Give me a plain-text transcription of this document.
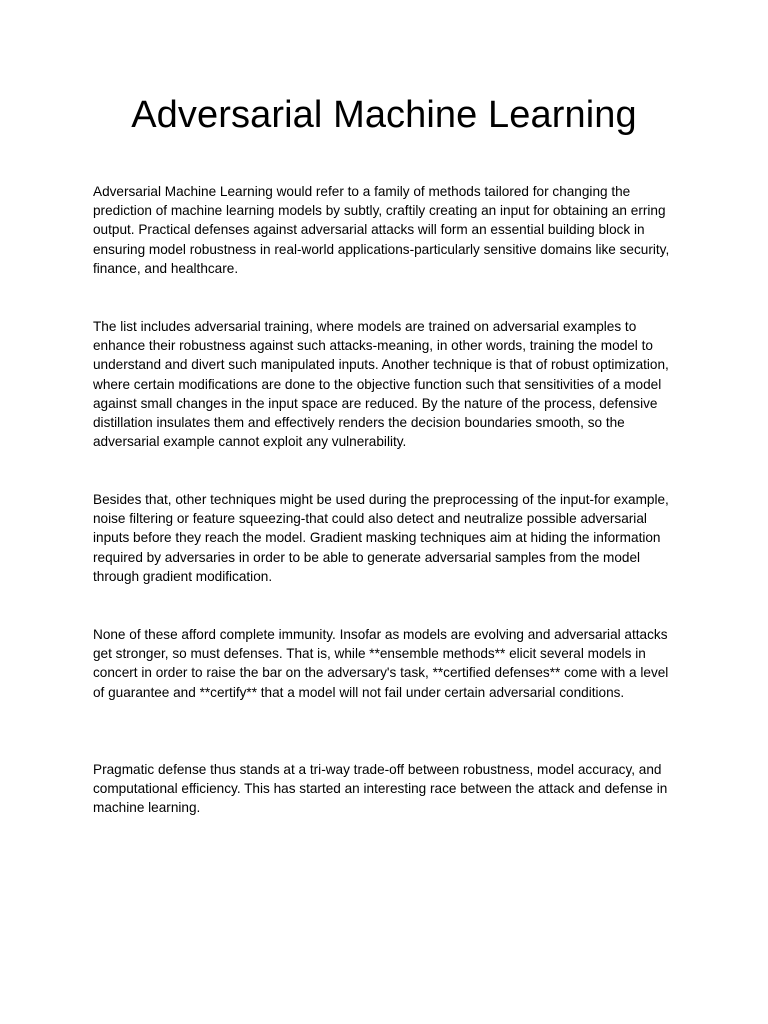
Adversarial Machine Learning

Adversarial Machine Learning would refer to a family of methods tailored for changing the prediction of machine learning models by subtly, craftily creating an input for obtaining an erring output. Practical defenses against adversarial attacks will form an essential building block in ensuring model robustness in real-world applications-particularly sensitive domains like security, finance, and healthcare.

The list includes adversarial training, where models are trained on adversarial examples to enhance their robustness against such attacks-meaning, in other words, training the model to understand and divert such manipulated inputs. Another technique is that of robust optimization, where certain modifications are done to the objective function such that sensitivities of a model against small changes in the input space are reduced. By the nature of the process, defensive distillation insulates them and effectively renders the decision boundaries smooth, so the adversarial example cannot exploit any vulnerability.

Besides that, other techniques might be used during the preprocessing of the input-for example, noise filtering or feature squeezing-that could also detect and neutralize possible adversarial inputs before they reach the model. Gradient masking techniques aim at hiding the information required by adversaries in order to be able to generate adversarial samples from the model through gradient modification.

None of these afford complete immunity. Insofar as models are evolving and adversarial attacks get stronger, so must defenses. That is, while **ensemble methods** elicit several models in concert in order to raise the bar on the adversary's task, **certified defenses** come with a level of guarantee and **certify** that a model will not fail under certain adversarial conditions.

Pragmatic defense thus stands at a tri-way trade-off between robustness, model accuracy, and computational efficiency. This has started an interesting race between the attack and defense in machine learning.
